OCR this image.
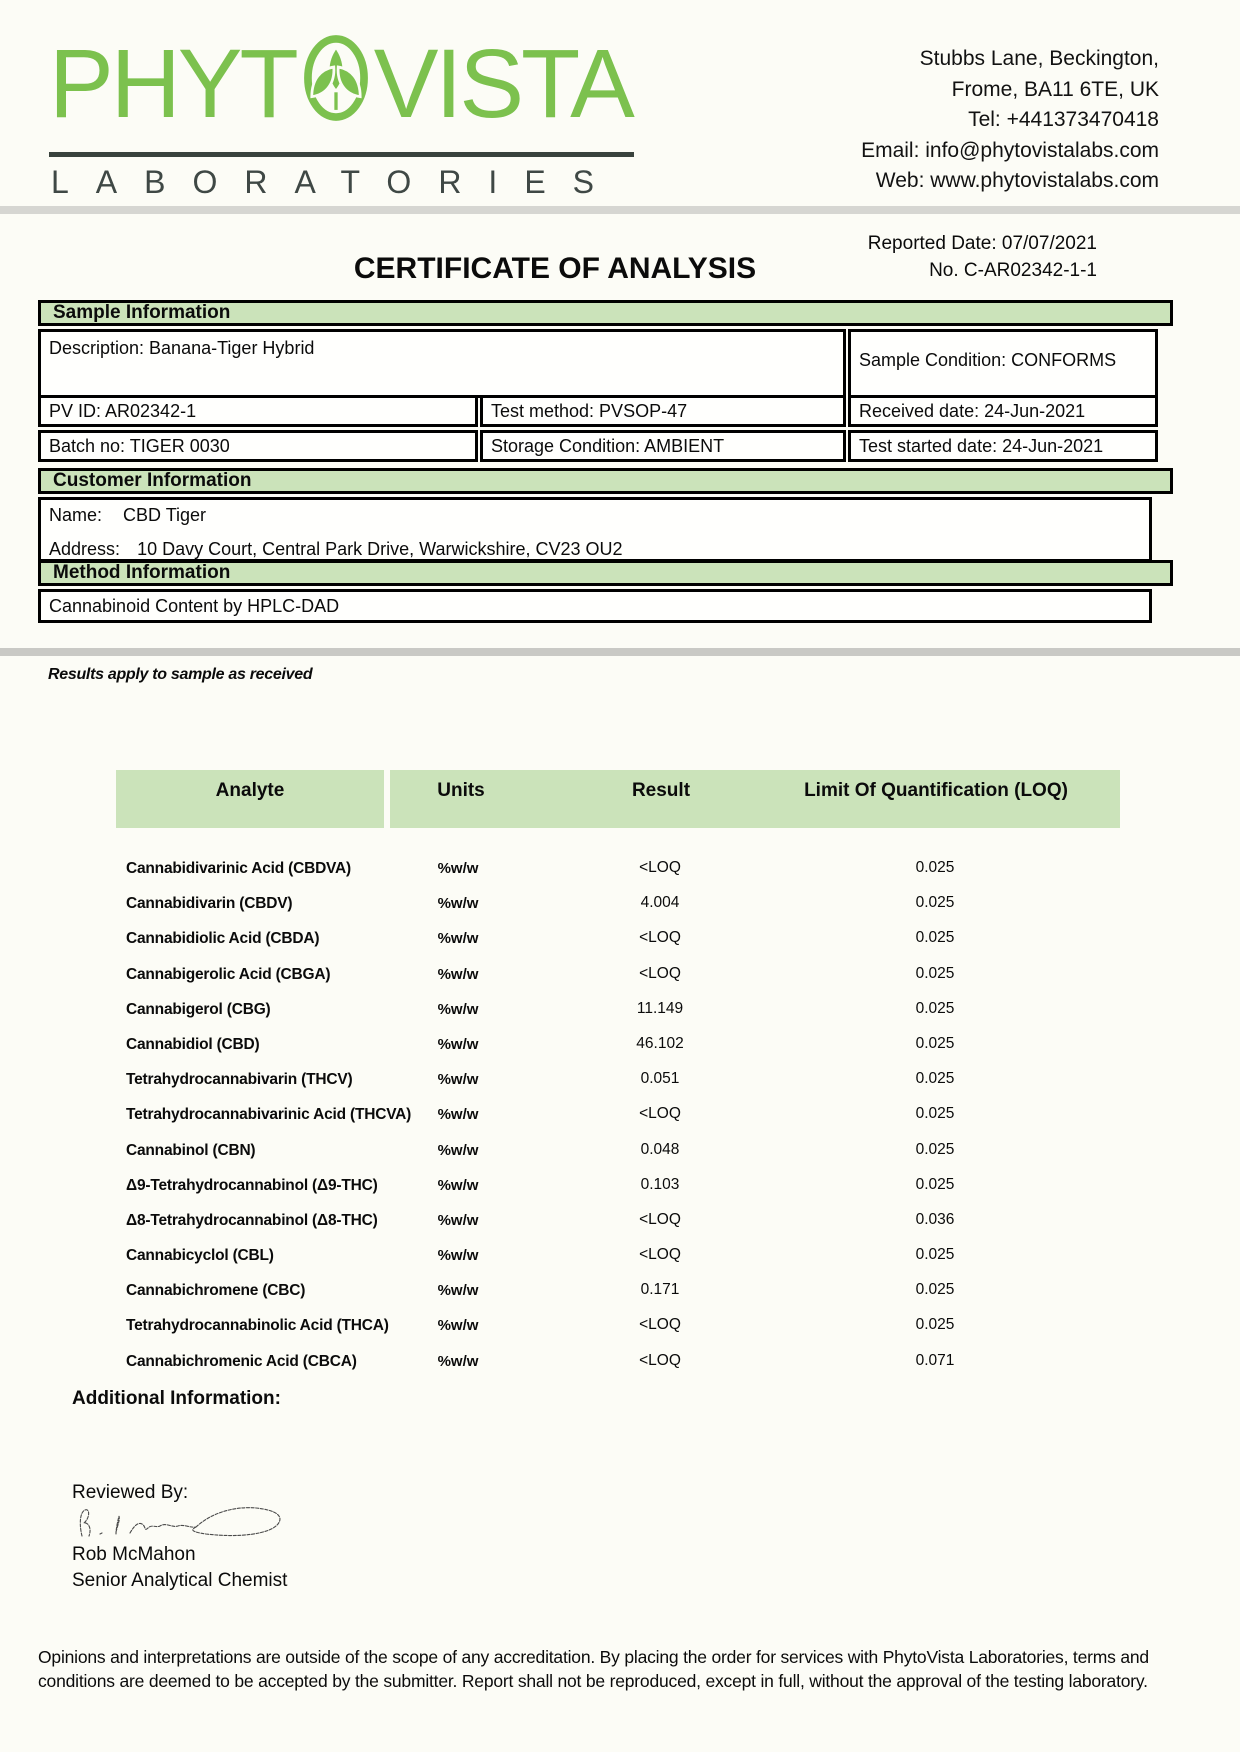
PHYT VISTA
LABORATORIES
Stubbs Lane, Beckington,
Frome, BA11 6TE, UK
Tel: +441373470418
Email: info@phytovistalabs.com
Web: www.phytovistalabs.com
Reported Date: 07/07/2021
No. C-AR02342-1-1
CERTIFICATE OF ANALYSIS
Sample Information
Description: Banana-Tiger Hybrid
Sample Condition: CONFORMS
PV ID: AR02342-1	Test method: PVSOP-47	Received date: 24-Jun-2021
Batch no: TIGER 0030	Storage Condition: AMBIENT	Test started date: 24-Jun-2021
Customer Information
Name: CBD Tiger
Address: 10 Davy Court, Central Park Drive, Warwickshire, CV23 OU2
Method Information
Cannabinoid Content by HPLC-DAD
Results apply to sample as received
Analyte	Units	Result	Limit Of Quantification (LOQ)
Cannabidivarinic Acid (CBDVA)	%w/w	<LOQ	0.025
Cannabidivarin (CBDV)	%w/w	4.004	0.025
Cannabidiolic Acid (CBDA)	%w/w	<LOQ	0.025
Cannabigerolic Acid (CBGA)	%w/w	<LOQ	0.025
Cannabigerol (CBG)	%w/w	11.149	0.025
Cannabidiol (CBD)	%w/w	46.102	0.025
Tetrahydrocannabivarin (THCV)	%w/w	0.051	0.025
Tetrahydrocannabivarinic Acid (THCVA)	%w/w	<LOQ	0.025
Cannabinol (CBN)	%w/w	0.048	0.025
Δ9-Tetrahydrocannabinol (Δ9-THC)	%w/w	0.103	0.025
Δ8-Tetrahydrocannabinol (Δ8-THC)	%w/w	<LOQ	0.036
Cannabicyclol (CBL)	%w/w	<LOQ	0.025
Cannabichromene (CBC)	%w/w	0.171	0.025
Tetrahydrocannabinolic Acid (THCA)	%w/w	<LOQ	0.025
Cannabichromenic Acid (CBCA)	%w/w	<LOQ	0.071
Additional Information:
Reviewed By:
Rob McMahon
Senior Analytical Chemist
Opinions and interpretations are outside of the scope of any accreditation. By placing the order for services with PhytoVista Laboratories, terms and conditions are deemed to be accepted by the submitter. Report shall not be reproduced, except in full, without the approval of the testing laboratory.
